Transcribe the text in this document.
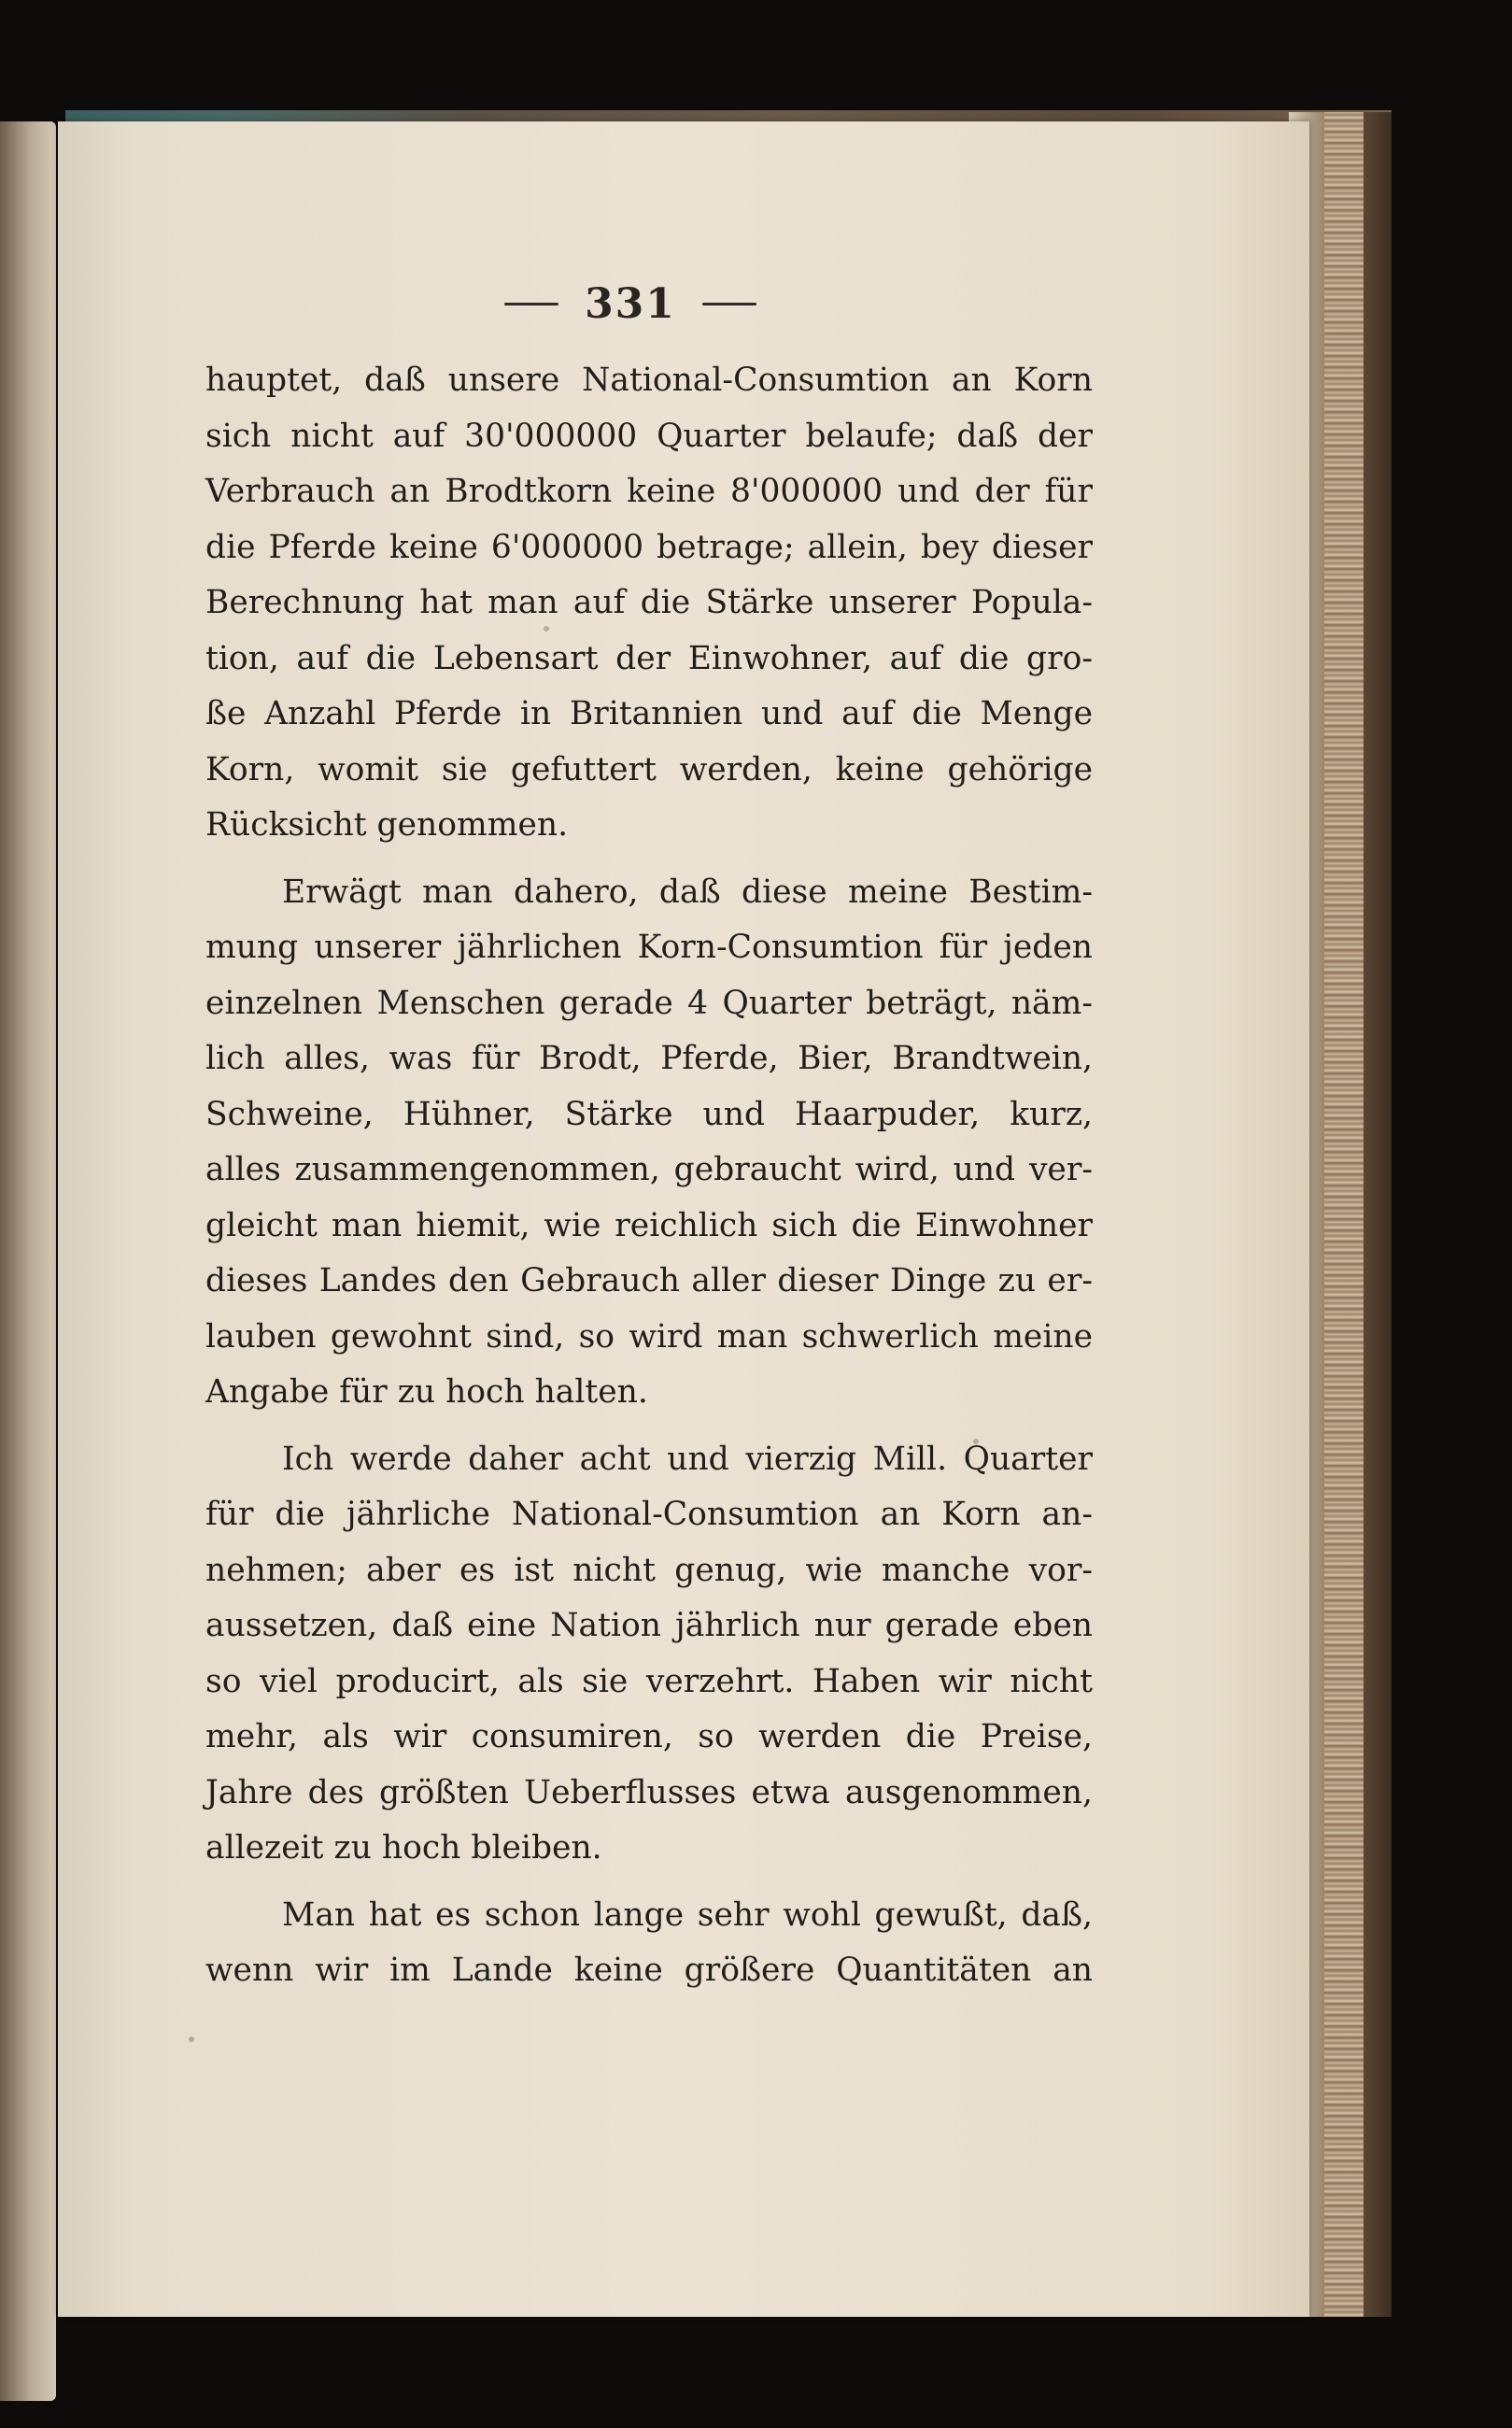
331

hauptet, daß unsere National-Consumtion an Korn
sich nicht auf 30'000000 Quarter belaufe; daß der
Verbrauch an Brodtkorn keine 8'000000 und der für
die Pferde keine 6'000000 betrage; allein, bey dieser
Berechnung hat man auf die Stärke unserer Popula-
tion, auf die Lebensart der Einwohner, auf die gro-
ße Anzahl Pferde in Britannien und auf die Menge
Korn, womit sie gefuttert werden, keine gehörige
Rücksicht genommen.

Erwägt man dahero, daß diese meine Bestim-
mung unserer jährlichen Korn-Consumtion für jeden
einzelnen Menschen gerade 4 Quarter beträgt, näm-
lich alles, was für Brodt, Pferde, Bier, Brandtwein,
Schweine, Hühner, Stärke und Haarpuder, kurz,
alles zusammengenommen, gebraucht wird, und ver-
gleicht man hiemit, wie reichlich sich die Einwohner
dieses Landes den Gebrauch aller dieser Dinge zu er-
lauben gewohnt sind, so wird man schwerlich meine
Angabe für zu hoch halten.

Ich werde daher acht und vierzig Mill. Quarter
für die jährliche National-Consumtion an Korn an-
nehmen; aber es ist nicht genug, wie manche vor-
aussetzen, daß eine Nation jährlich nur gerade eben
so viel producirt, als sie verzehrt. Haben wir nicht
mehr, als wir consumiren, so werden die Preise,
Jahre des größten Ueberflusses etwa ausgenommen,
allezeit zu hoch bleiben.

Man hat es schon lange sehr wohl gewußt, daß,
wenn wir im Lande keine größere Quantitäten an
